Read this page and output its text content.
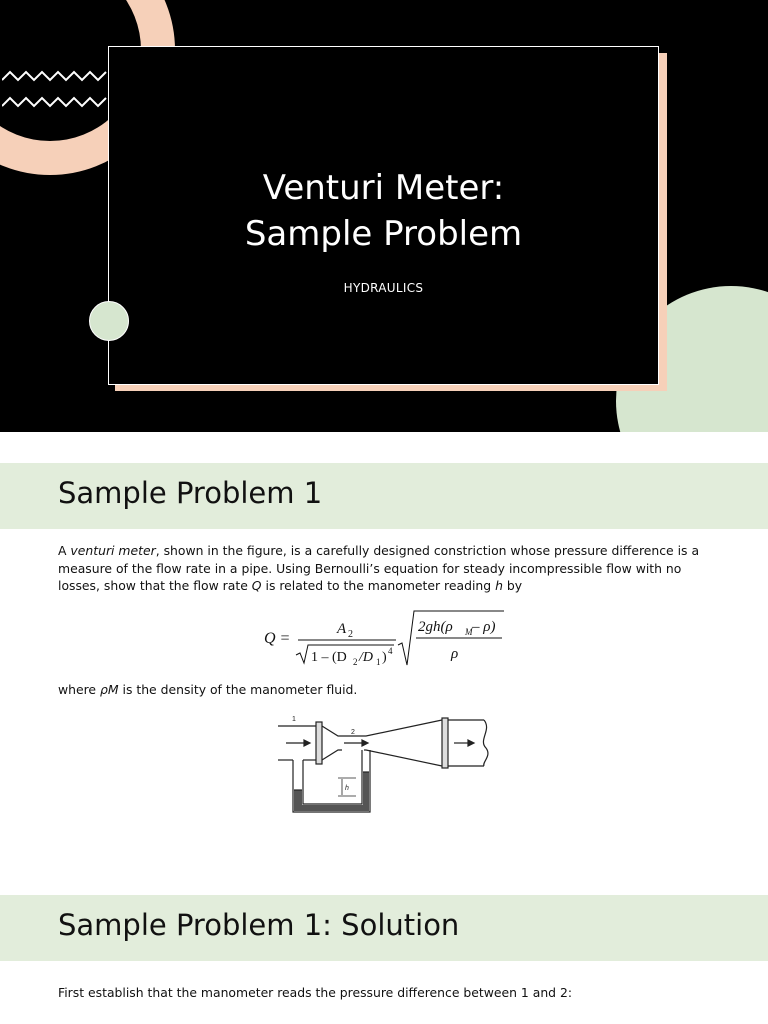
Venturi Meter:
Sample Problem
HYDRAULICS
Sample Problem 1

A venturi meter, shown in the figure, is a carefully designed constriction whose pressure difference is a measure of the flow rate in a pipe. Using Bernoulli’s equation for steady incompressible flow with no losses, show that the flow rate Q is related to the manometer reading h by

Q =
A 2
1 – (D 2 /D 1 ) 4
2gh(ρ M – ρ)
ρ

where ρM is the density of the manometer fluid.

h
1
2
Sample Problem 1: Solution

First establish that the manometer reads the pressure difference between 1 and 2:
